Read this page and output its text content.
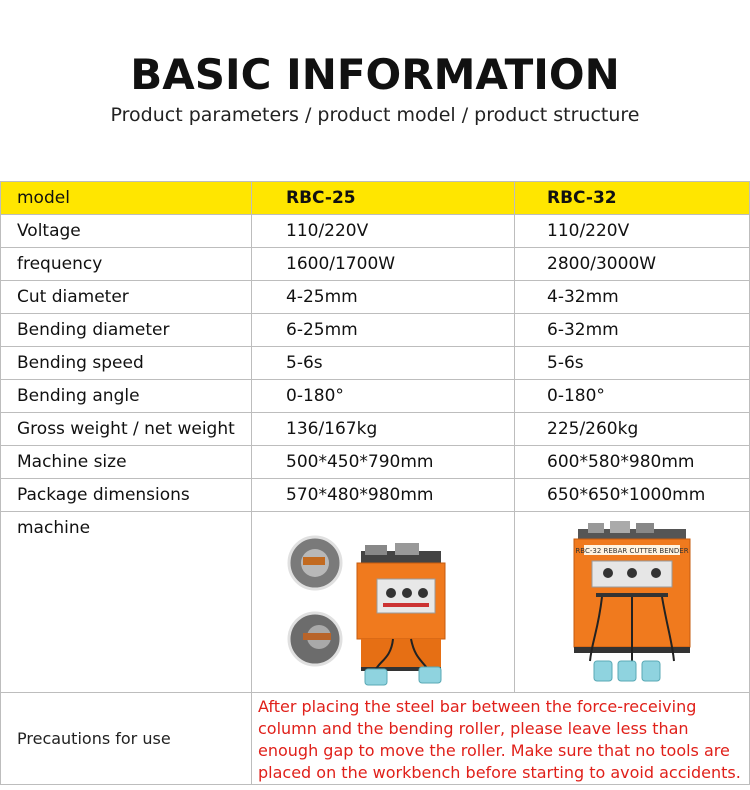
BASIC INFORMATION
Product parameters / product model / product structure
model	RBC-25	RBC-32
Voltage	110/220V	110/220V
frequency	1600/1700W	2800/3000W
Cut diameter	4-25mm	4-32mm
Bending diameter	6-25mm	6-32mm
Bending speed	5-6s	5-6s
Bending angle	0-180°	0-180°
Gross weight / net weight	136/167kg	225/260kg
Machine size	500*450*790mm	600*580*980mm
Package dimensions	570*480*980mm	650*650*1000mm
machine		RBC-32 REBAR CUTTER BENDER

Precautions for use	After placing the steel bar between the force-receiving column and the bending roller, please leave less than enough gap to move the roller. Make sure that no tools are placed on the workbench before starting to avoid accidents.	
